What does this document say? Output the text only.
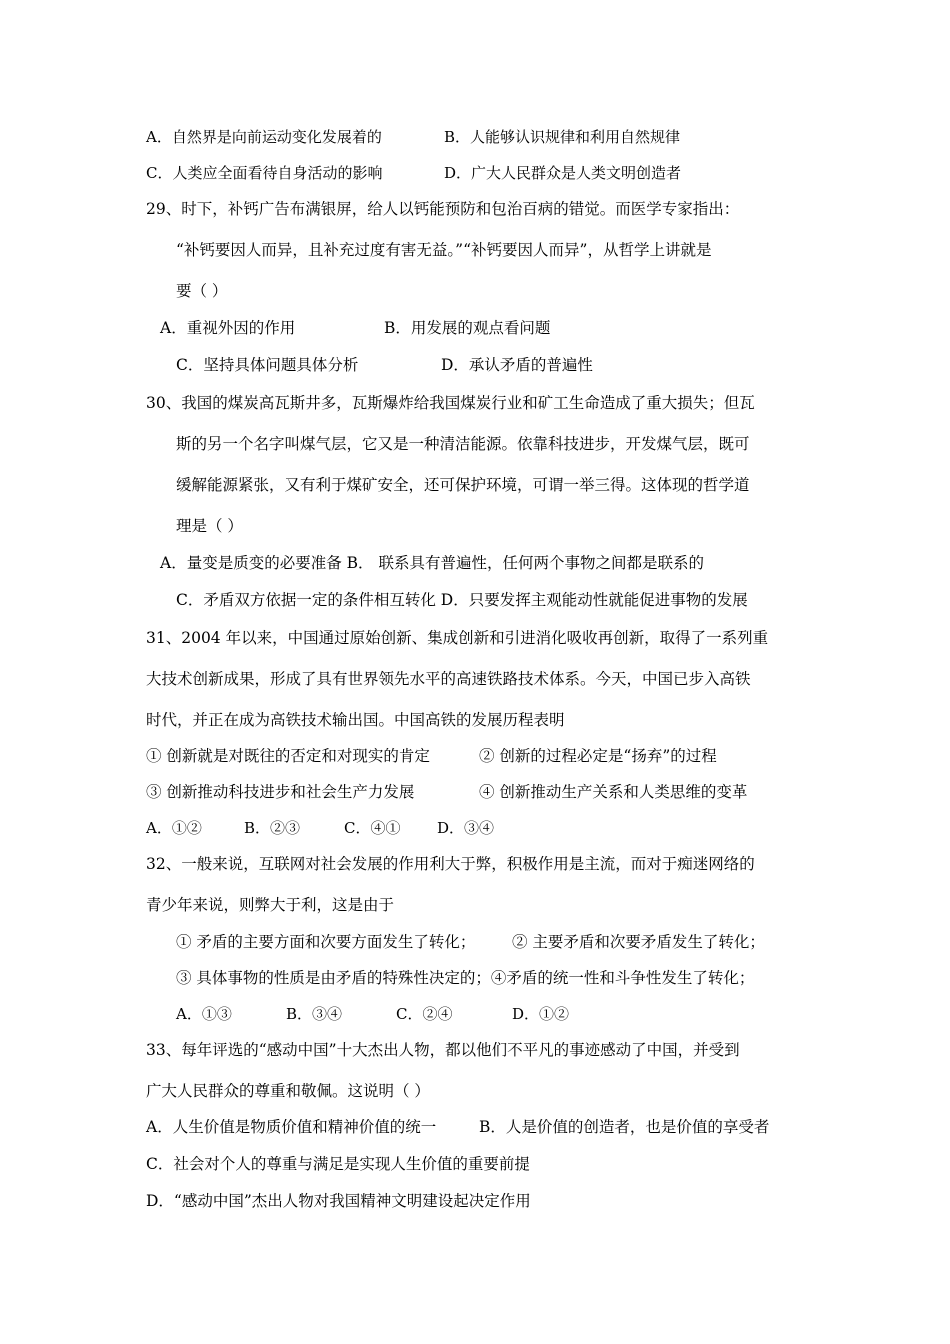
A．自然界是向前运动变化发展着的	B．人能够认识规律和利用自然规律
C．人类应全面看待自身活动的影响	D．广大人民群众是人类文明创造者
29、时下，补钙广告布满银屏，给人以钙能预防和包治百病的错觉。而医学专家指出：
“补钙要因人而异，且补充过度有害无益。”“补钙要因人而异”，从哲学上讲就是
要（ ）
A．重视外因的作用	B．用发展的观点看问题
C．坚持具体问题具体分析	D．承认矛盾的普遍性
30、我国的煤炭高瓦斯井多，瓦斯爆炸给我国煤炭行业和矿工生命造成了重大损失；但瓦
斯的另一个名字叫煤气层，它又是一种清洁能源。依靠科技进步，开发煤气层，既可
缓解能源紧张，又有利于煤矿安全，还可保护环境，可谓一举三得。这体现的哲学道
理是（ ）
A．量变是质变的必要准备 B． 联系具有普遍性，任何两个事物之间都是联系的
C．矛盾双方依据一定的条件相互转化 D．只要发挥主观能动性就能促进事物的发展
31、2004 年以来，中国通过原始创新、集成创新和引进消化吸收再创新，取得了一系列重
大技术创新成果，形成了具有世界领先水平的高速铁路技术体系。今天，中国已步入高铁
时代，并正在成为高铁技术输出国。中国高铁的发展历程表明
① 创新就是对既往的否定和对现实的肯定	② 创新的过程必定是“扬弃”的过程
③ 创新推动科技进步和社会生产力发展	④ 创新推动生产关系和人类思维的变革
A．①②	B．②③	C．④① D．③④
32、一般来说，互联网对社会发展的作用利大于弊，积极作用是主流，而对于痴迷网络的
青少年来说，则弊大于利，这是由于
① 矛盾的主要方面和次要方面发生了转化； ② 主要矛盾和次要矛盾发生了转化；
③ 具体事物的性质是由矛盾的特殊性决定的；④矛盾的统一性和斗争性发生了转化；
A．①③	B．③④	C．②④	D．①②
33、每年评选的“感动中国”十大杰出人物，都以他们不平凡的事迹感动了中国，并受到
广大人民群众的尊重和敬佩。这说明（ ）
A．人生价值是物质价值和精神价值的统一	B．人是价值的创造者，也是价值的享受者
C．社会对个人的尊重与满足是实现人生价值的重要前提
D．“感动中国”杰出人物对我国精神文明建设起决定作用
